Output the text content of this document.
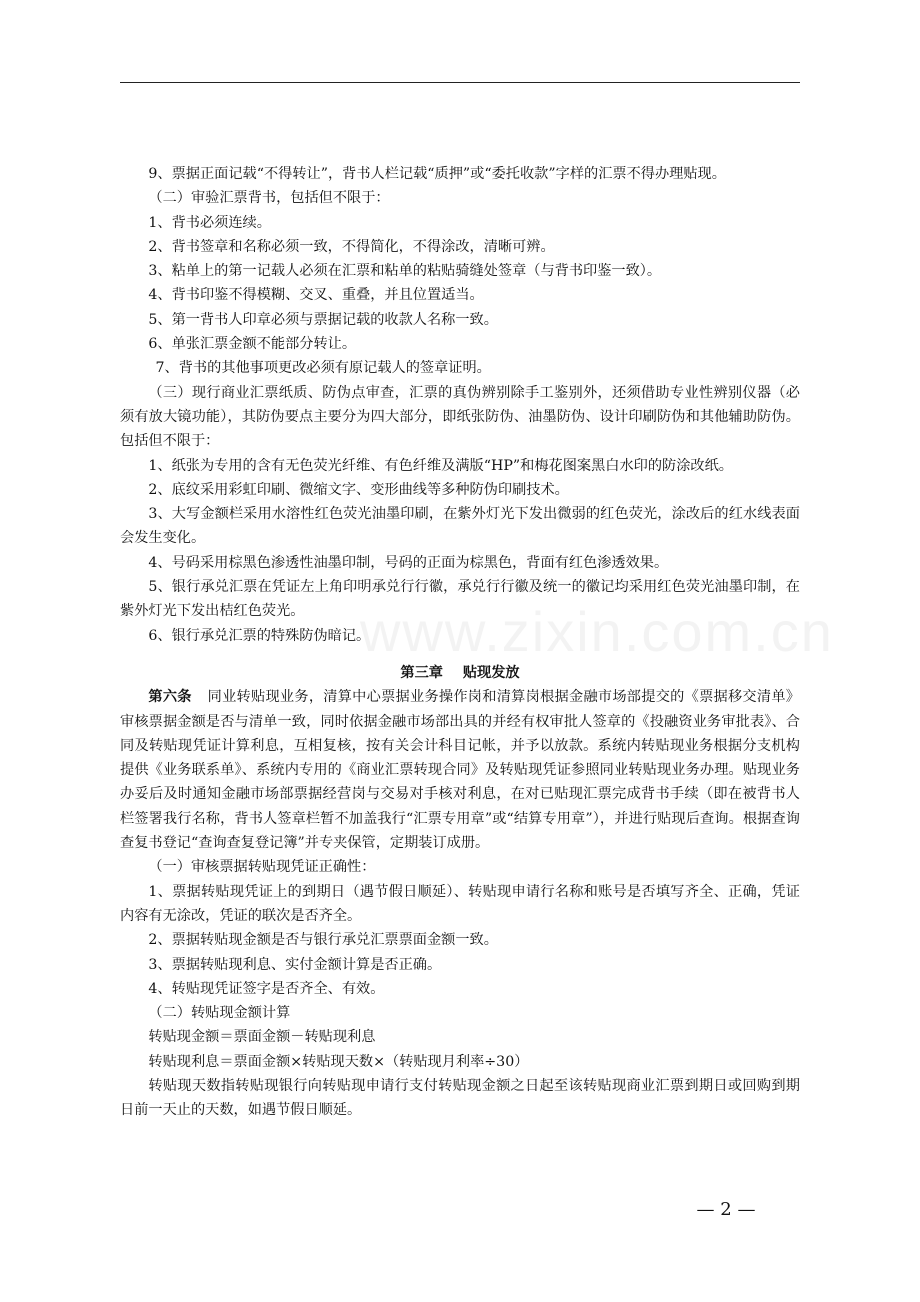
www.zixin.com.cn

9、票据正面记载“不得转让”，背书人栏记载“质押”或“委托收款”字样的汇票不得办理贴现。

（二）审验汇票背书，包括但不限于：

1、背书必须连续。

2、背书签章和名称必须一致，不得简化，不得涂改，清晰可辨。

3、粘单上的第一记载人必须在汇票和粘单的粘贴骑缝处签章（与背书印鉴一致）。

4、背书印鉴不得模糊、交叉、重叠，并且位置适当。

5、第一背书人印章必须与票据记载的收款人名称一致。

6、单张汇票金额不能部分转让。

7、背书的其他事项更改必须有原记载人的签章证明。

（三）现行商业汇票纸质、防伪点审查，汇票的真伪辨别除手工鉴别外，还须借助专业性辨别仪器（必须有放大镜功能），其防伪要点主要分为四大部分，即纸张防伪、油墨防伪、设计印刷防伪和其他辅助防伪。包括但不限于：

1、纸张为专用的含有无色荧光纤维、有色纤维及满版“HP”和梅花图案黑白水印的防涂改纸。

2、底纹采用彩虹印刷、微缩文字、变形曲线等多种防伪印刷技术。

3、大写金额栏采用水溶性红色荧光油墨印刷，在紫外灯光下发出微弱的红色荧光，涂改后的红水线表面会发生变化。

4、号码采用棕黑色渗透性油墨印制，号码的正面为棕黑色，背面有红色渗透效果。

5、银行承兑汇票在凭证左上角印明承兑行行徽，承兑行行徽及统一的徽记均采用红色荧光油墨印制，在紫外灯光下发出桔红色荧光。

6、银行承兑汇票的特殊防伪暗记。

第三章 贴现发放

第六条 同业转贴现业务，清算中心票据业务操作岗和清算岗根据金融市场部提交的《票据移交清单》审核票据金额是否与清单一致，同时依据金融市场部出具的并经有权审批人签章的《投融资业务审批表》、合同及转贴现凭证计算利息，互相复核，按有关会计科目记帐，并予以放款。系统内转贴现业务根据分支机构提供《业务联系单》、系统内专用的《商业汇票转现合同》及转贴现凭证参照同业转贴现业务办理。贴现业务办妥后及时通知金融市场部票据经营岗与交易对手核对利息，在对已贴现汇票完成背书手续（即在被背书人栏签署我行名称，背书人签章栏暂不加盖我行“汇票专用章”或“结算专用章”），并进行贴现后查询。根据查询查复书登记“查询查复登记簿”并专夹保管，定期装订成册。

（一）审核票据转贴现凭证正确性：

1、票据转贴现凭证上的到期日（遇节假日顺延）、转贴现申请行名称和账号是否填写齐全、正确，凭证内容有无涂改，凭证的联次是否齐全。

2、票据转贴现金额是否与银行承兑汇票票面金额一致。

3、票据转贴现利息、实付金额计算是否正确。

4、转贴现凭证签字是否齐全、有效。

（二）转贴现金额计算

转贴现金额＝票面金额－转贴现利息

转贴现利息＝票面金额×转贴现天数×（转贴现月利率÷30）

转贴现天数指转贴现银行向转贴现申请行支付转贴现金额之日起至该转贴现商业汇票到期日或回购到期日前一天止的天数，如遇节假日顺延。

— 2 —
